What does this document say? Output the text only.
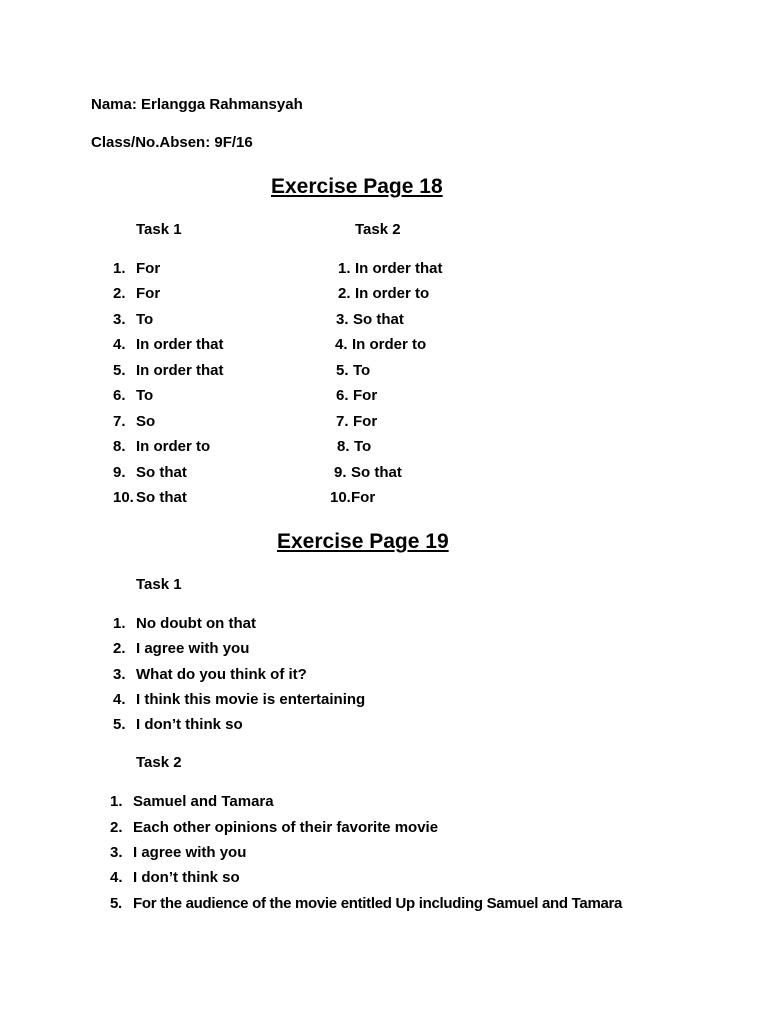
Nama: Erlangga Rahmansyah
Class/No.Absen: 9F/16
Exercise Page 18
Task 1	Task 2
1. For
2. For
3. To
4. In order that
5. In order that
6. To
7. So
8. In order to
9. So that
10. So that
1. In order that
2. In order to
3. So that
4. In order to
5. To
6. For
7. For
8. To
9. So that
10.For
Exercise Page 19
Task 1
1. No doubt on that
2. I agree with you
3. What do you think of it?
4. I think this movie is entertaining
5. I don’t think so
Task 2
1. Samuel and Tamara
2. Each other opinions of their favorite movie
3. I agree with you
4. I don’t think so
5. For the audience of the movie entitled Up including Samuel and Tamara
